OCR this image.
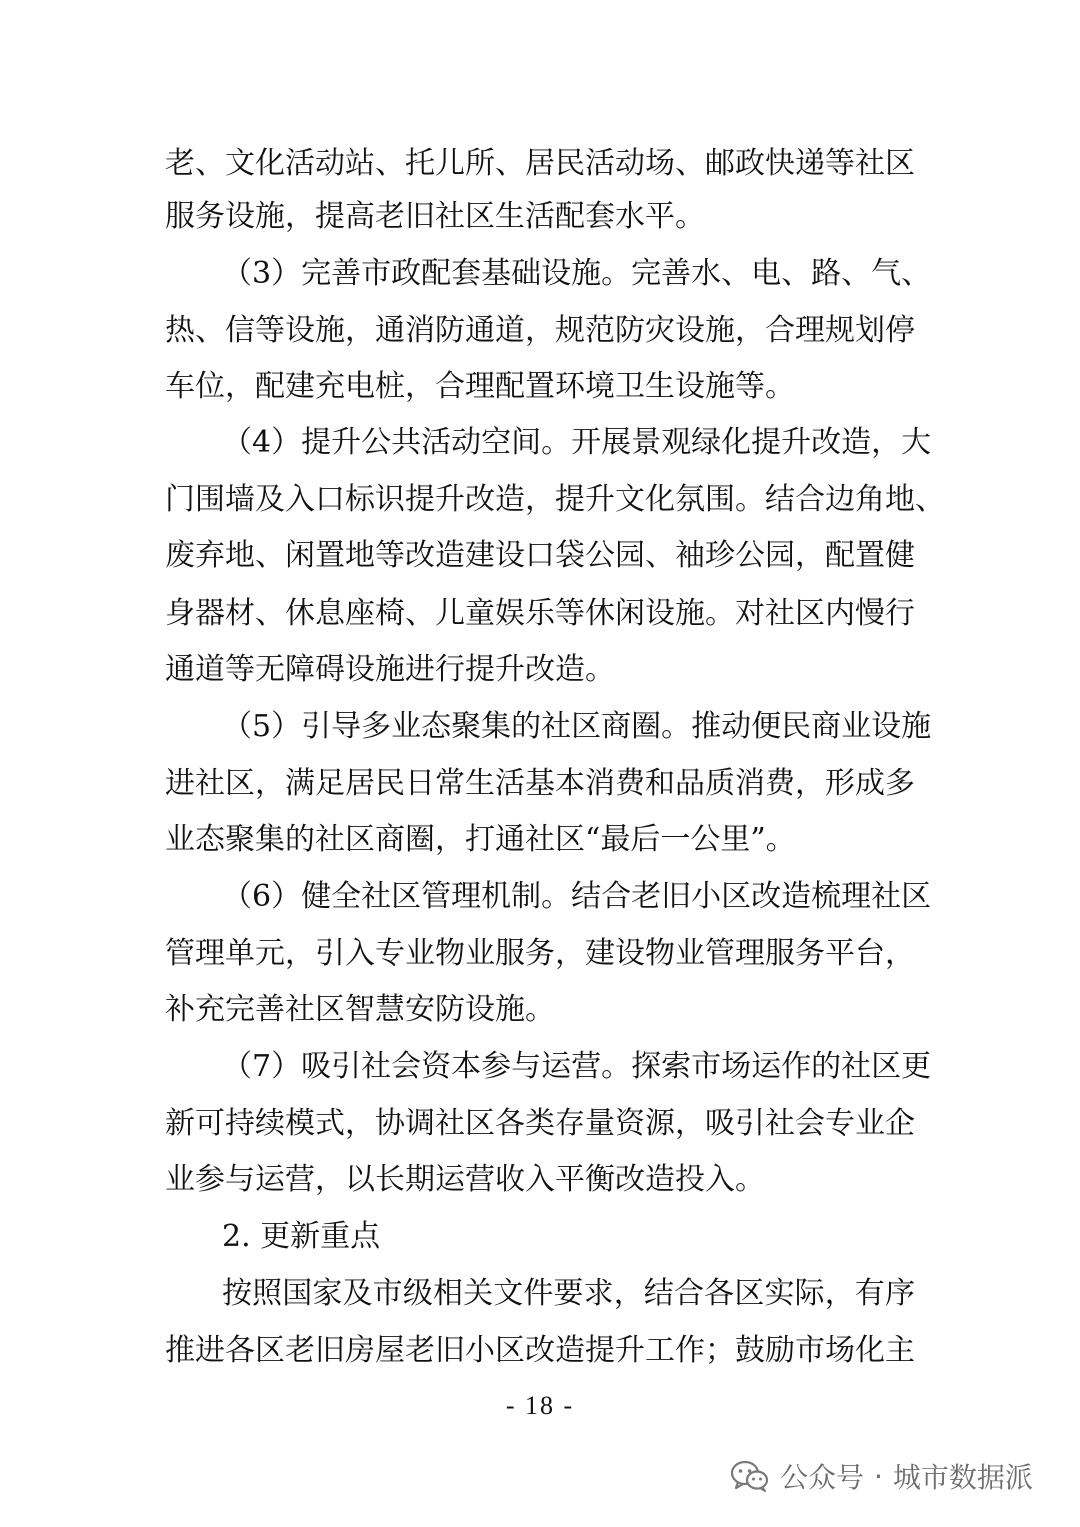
老、文化活动站、托儿所、居民活动场、邮政快递等社区
服务设施，提高老旧社区生活配套水平。
（3）完善市政配套基础设施。完善水、电、路、气、
热、信等设施，通消防通道，规范防灾设施，合理规划停
车位，配建充电桩，合理配置环境卫生设施等。
（4）提升公共活动空间。开展景观绿化提升改造，大
门围墙及入口标识提升改造，提升文化氛围。结合边角地、
废弃地、闲置地等改造建设口袋公园、袖珍公园，配置健
身器材、休息座椅、儿童娱乐等休闲设施。对社区内慢行
通道等无障碍设施进行提升改造。
（5）引导多业态聚集的社区商圈。推动便民商业设施
进社区，满足居民日常生活基本消费和品质消费，形成多
业态聚集的社区商圈，打通社区“最后一公里”。
（6）健全社区管理机制。结合老旧小区改造梳理社区
管理单元，引入专业物业服务，建设物业管理服务平台，
补充完善社区智慧安防设施。
（7）吸引社会资本参与运营。探索市场运作的社区更
新可持续模式，协调社区各类存量资源，吸引社会专业企
业参与运营，以长期运营收入平衡改造投入。
2. 更新重点
按照国家及市级相关文件要求，结合各区实际，有序
推进各区老旧房屋老旧小区改造提升工作；鼓励市场化主
- 18 -
公众号 · 城市数据派
